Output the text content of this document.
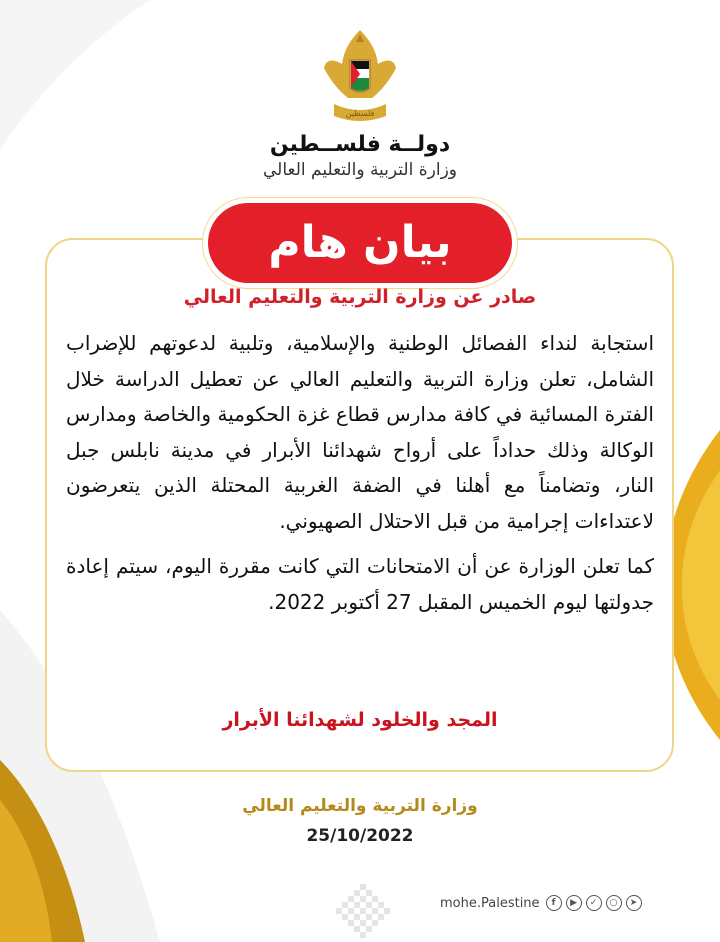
فلسطين
دولــة فلســطين
وزارة التربية والتعليم العالي
بيان هام
صادر عن وزارة التربية والتعليم العالي

استجابة لنداء الفصائل الوطنية والإسلامية، وتلبية لدعوتهم للإضراب الشامل، تعلن وزارة التربية والتعليم العالي عن تعطيل الدراسة خلال الفترة المسائية في كافة مدارس قطاع غزة الحكومية والخاصة ومدارس الوكالة وذلك حداداً على أرواح شهدائنا الأبرار في مدينة نابلس جبل النار، وتضامناً مع أهلنا في الضفة الغربية المحتلة الذين يتعرضون لاعتداءات إجرامية من قبل الاحتلال الصهيوني.

كما تعلن الوزارة عن أن الامتحانات التي كانت مقررة اليوم، سيتم إعادة جدولتها ليوم الخميس المقبل 27 أكتوبر 2022.

المجد والخلود لشهدائنا الأبرار
وزارة التربية والتعليم العالي
25/10/2022
mohe.Palestine	f	▶	✓	○	➤
